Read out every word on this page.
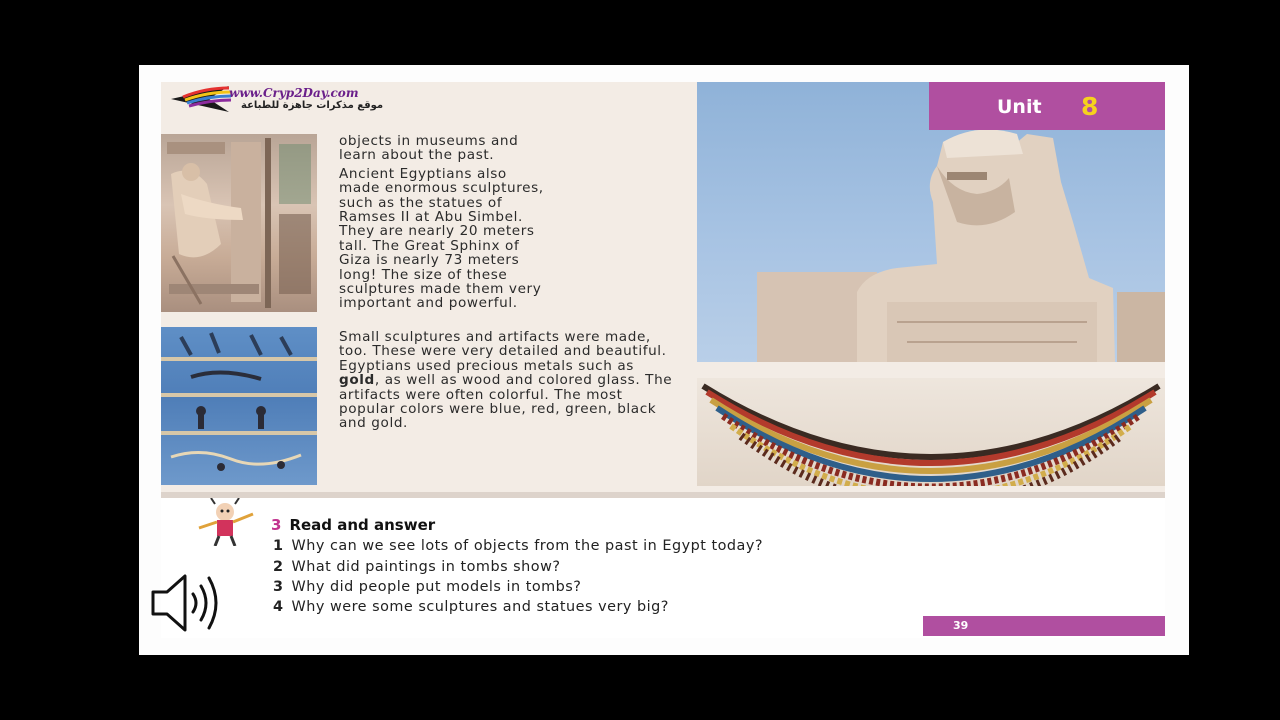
www.Cryp2Day.com
موقع مذكرات جاهزة للطباعة
objects in museums and
learn about the past.
Ancient Egyptians also
made enormous sculptures,
such as the statues of
Ramses II at Abu Simbel.
They are nearly 20 meters
tall. The Great Sphinx of
Giza is nearly 73 meters
long! The size of these
sculptures made them very
important and powerful.
Small sculptures and artifacts were made, too. These were very detailed and beautiful. Egyptians used precious metals such as gold, as well as wood and colored glass. The artifacts were often colorful. The most popular colors were blue, red, green, black and gold.
Unit 8
3 Read and answer
1 Why can we see lots of objects from the past in Egypt today?
2 What did paintings in tombs show?
3 Why did people put models in tombs?
4 Why were some sculptures and statues very big?
39
